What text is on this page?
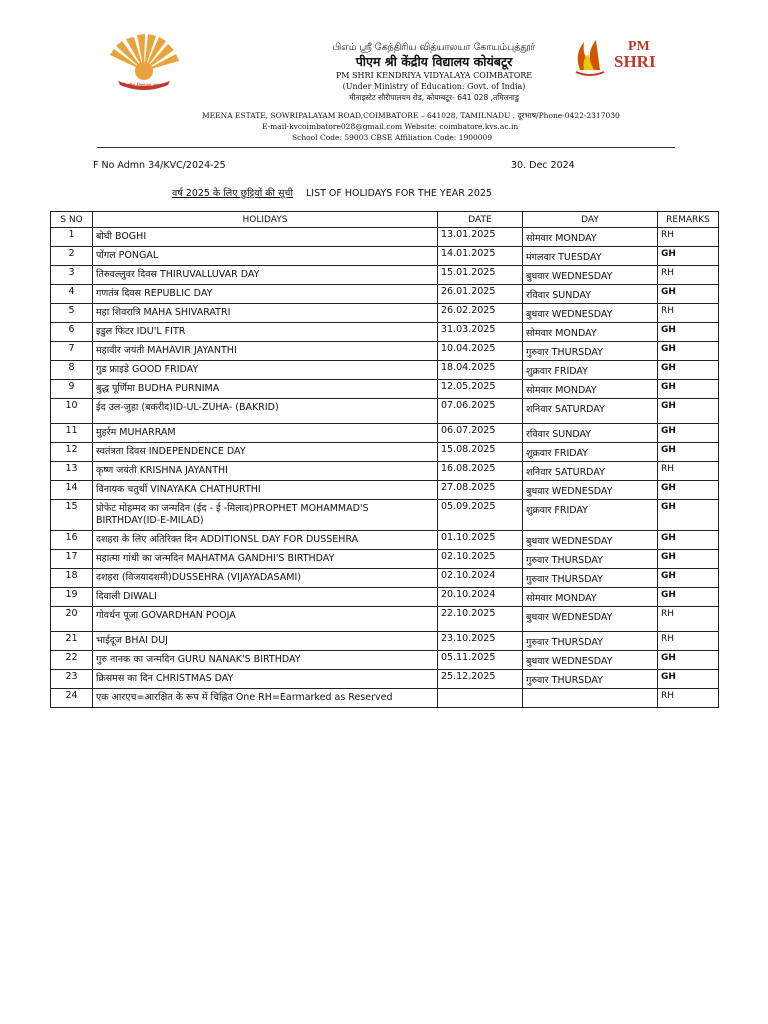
केन्द्रीय विद्यालय संगठन
PM
SHRI
பிஎம் ஸ்ரீ கேந்திரிய வித்யாலயா கோயம்புத்தூர்
पीएम श्री केंद्रीय विद्यालय कोयंबटूर
PM SHRI KENDRIYA VIDYALAYA COIMBATORE
(Under Ministry of Education: Govt. of India)
मीनाइस्टेट सौरीपालयम रोड, कोयम्बटूर- 641 028 ,तमिलनाडु
MEENA ESTATE, SOWRIPALAYAM ROAD,COIMBATORE – 641028, TAMILNADU , दूरभाष/Phone-0422-2317030
E-mail-kvcoimbatore028@gmail.com Website: coimbatore.kvs.ac.in
School Code: 59003 CBSE Affiliation Code: 1900009
F No Admn 34/KVC/2024-25	30. Dec 2024
वर्ष 2025 के लिए छुट्टियों की सूची LIST OF HOLIDAYS FOR THE YEAR 2025
S NO	HOLIDAYS	DATE	DAY	REMARKS
1	बोघी BOGHI	13.01.2025	सोमवार MONDAY	RH
2	पोंगल PONGAL	14.01.2025	मंगलवार TUESDAY	GH
3	तिरुवल्लुवर दिवस THIRUVALLUVAR DAY	15.01.2025	बुधवार WEDNESDAY	RH
4	गणतंत्र दिवस REPUBLIC DAY	26.01.2025	रविवार SUNDAY	GH
5	महा शिवरात्रि MAHA SHIVARATRI	26.02.2025	बुधवार WEDNESDAY	RH
6	इडुल फिटर IDU'L FITR	31.03.2025	सोमवार MONDAY	GH
7	महावीर जयंती MAHAVIR JAYANTHI	10.04.2025	गुरुवार THURSDAY	GH
8	गुड फ्राइडे GOOD FRIDAY	18.04.2025	शुक्रवार FRIDAY	GH
9	बुद्ध पूर्णिमा BUDHA PURNIMA	12.05.2025	सोमवार MONDAY	GH
10	ईद उल-जुहा (बकरीद)ID-UL-ZUHA- (BAKRID)	07.06.2025	शनिवार SATURDAY	GH
11	मुहर्रम MUHARRAM	06.07.2025	रविवार SUNDAY	GH
12	स्वतंत्रता दिवस INDEPENDENCE DAY	15.08.2025	शुक्रवार FRIDAY	GH
13	कृष्ण जयंती KRISHNA JAYANTHI	16.08.2025	शनिवार SATURDAY	RH
14	विनायक चतुर्थी VINAYAKA CHATHURTHI	27.08.2025	बुधवार WEDNESDAY	GH
15	प्रोफेट मोहम्मद का जन्मदिन (ईद - ई -मिलाद)PROPHET MOHAMMAD'S BIRTHDAY(ID-E-MILAD)	05.09.2025	शुक्रवार FRIDAY	GH
16	दशहरा के लिए अतिरिक्त दिन ADDITIONSL DAY FOR DUSSEHRA	01.10.2025	बुधवार WEDNESDAY	GH
17	महात्मा गांधी का जन्मदिन MAHATMA GANDHI'S BIRTHDAY	02.10.2025	गुरुवार THURSDAY	GH
18	दशहरा (विजयादशमी)DUSSEHRA (VIJAYADASAMI)	02.10.2024	गुरुवार THURSDAY	GH
19	दिवाली DIWALI	20.10.2024	सोमवार MONDAY	GH
20	गोवर्धन पूजा GOVARDHAN POOJA	22.10.2025	बुधवार WEDNESDAY	RH
21	भाईदूज BHAI DUJ	23.10.2025	गुरुवार THURSDAY	RH
22	गुरु नानक का जन्मदिन GURU NANAK'S BIRTHDAY	05.11.2025	बुधवार WEDNESDAY	GH
23	क्रिसमस का दिन CHRISTMAS DAY	25.12.2025	गुरुवार THURSDAY	GH
24	एक आरएच=आरक्षित के रूप में चिह्नित One RH=Earmarked as Reserved			RH
